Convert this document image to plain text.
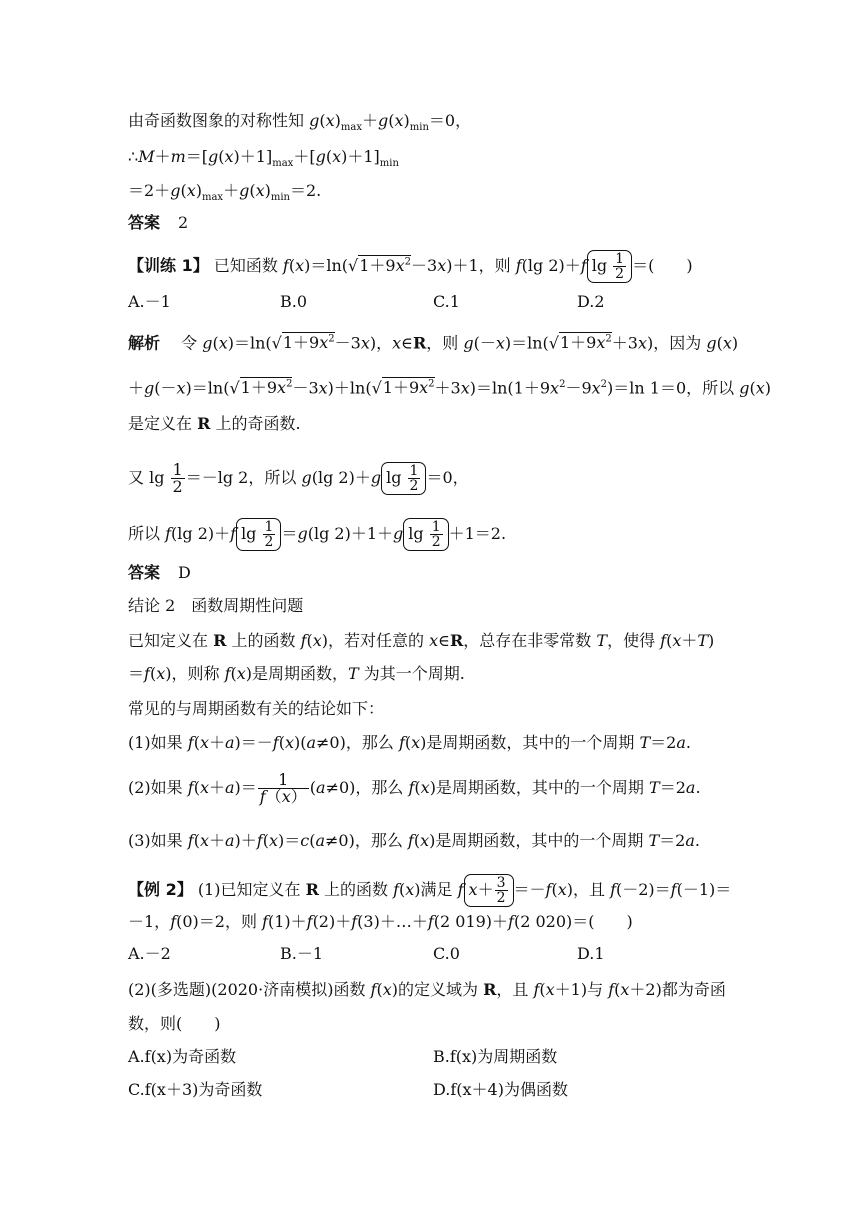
由奇函数图象的对称性知 $g(x)_{max}+g(x)_{min}=0$，
$\therefore M+m=[g(x)+1]_{max}+[g(x)+1]_{min}$
$=2+g(x)_{max}+g(x)_{min}=2$.
答案 2
【训练 1】 已知函数 $f(x)=\ln(√1+9x^2-3x)+1$，则 f(lg 2)＋f $\lg \frac{1}{2}$ ＝(　　)
A.－1	B.0	C.1	D.2
解析 　令 $g(x)=\ln(√1+9x^2-3x)$，x∈R，则 $g(-x)=\ln(√1+9x^2+3x)$，因为 g(x)
$+g(-x)=\ln(√1+9x^2-3x)+\ln(√1+9x^2+3x)=\ln(1+9x^2-9x^2)=\ln$ 1＝0，所以 g(x)
是定义在 R 上的奇函数.
又 $\lg \frac{1}{2} =-\lg$ 2，所以 g(lg 2)＋g $\lg \frac{1}{2} =0$，
所以 f(lg 2)＋f $\lg \frac{1}{2} =g(\lg$ 2)＋1＋g $\lg \frac{1}{2} +1=2$.
答案 D
结论 2　函数周期性问题
已知定义在 R 上的函数 f(x)，若对任意的 x∈R，总存在非零常数 T，使得 f(x＋T)
＝f(x)，则称 f(x)是周期函数，T 为其一个周期.
常见的与周期函数有关的结论如下：
(1)如果 f(x＋a)＝－f(x)(a≠0)，那么 f(x)是周期函数，其中的一个周期 T＝2a.
(2)如果 $f(x+a)= \frac{1}{f(x)} (a\ne 0)$，那么 f(x)是周期函数，其中的一个周期 T＝2a.
(3)如果 f(x＋a)＋f(x)＝c(a≠0)，那么 f(x)是周期函数，其中的一个周期 T＝2a.
【例 2】 (1)已知定义在 R 上的函数 f(x)满足 f $x+ \frac{3}{2} =-f(x)$，且 f(－2)＝f(－1)＝
－1，f(0)＝2，则 f(1)＋f(2)＋f(3)＋…＋f(2 019)＋f(2 020)＝(　　)
A.－2	B.－1	C.0	D.1
(2)(多选题)(2020·济南模拟)函数 f(x)的定义域为 R，且 f(x＋1)与 f(x＋2)都为奇函
数，则(　　)
A.f(x)为奇函数	B.f(x)为周期函数
C.f(x＋3)为奇函数	D.f(x＋4)为偶函数
